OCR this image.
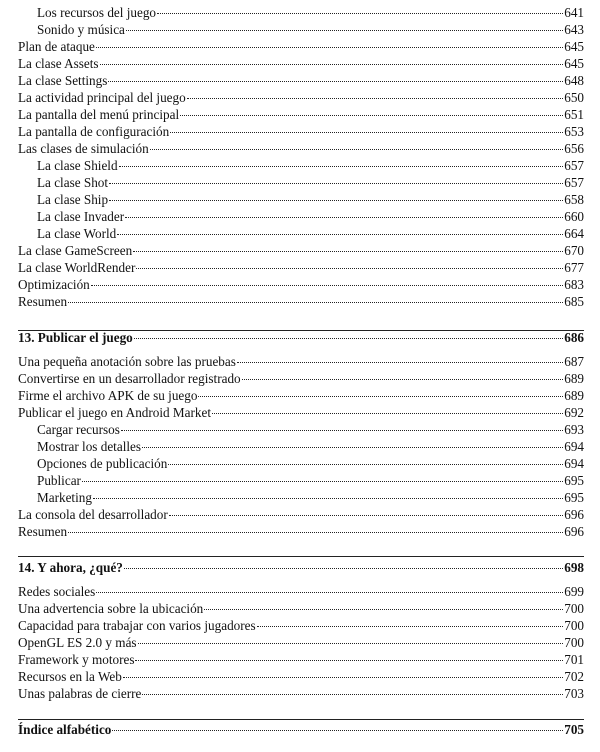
Los recursos del juego	641
Sonido y música	643
Plan de ataque	645
La clase Assets	645
La clase Settings	648
La actividad principal del juego	650
La pantalla del menú principal	651
La pantalla de configuración	653
Las clases de simulación	656
La clase Shield	657
La clase Shot	657
La clase Ship	658
La clase Invader	660
La clase World	664
La clase GameScreen	670
La clase WorldRender	677
Optimización	683
Resumen	685
13. Publicar el juego	686
Una pequeña anotación sobre las pruebas	687
Convertirse en un desarrollador registrado	689
Firme el archivo APK de su juego	689
Publicar el juego en Android Market	692
Cargar recursos	693
Mostrar los detalles	694
Opciones de publicación	694
Publicar	695
Marketing	695
La consola del desarrollador	696
Resumen	696
14. Y ahora, ¿qué?	698
Redes sociales	699
Una advertencia sobre la ubicación	700
Capacidad para trabajar con varios jugadores	700
OpenGL ES 2.0 y más	700
Framework y motores	701
Recursos en la Web	702
Unas palabras de cierre	703
Índice alfabético	705
